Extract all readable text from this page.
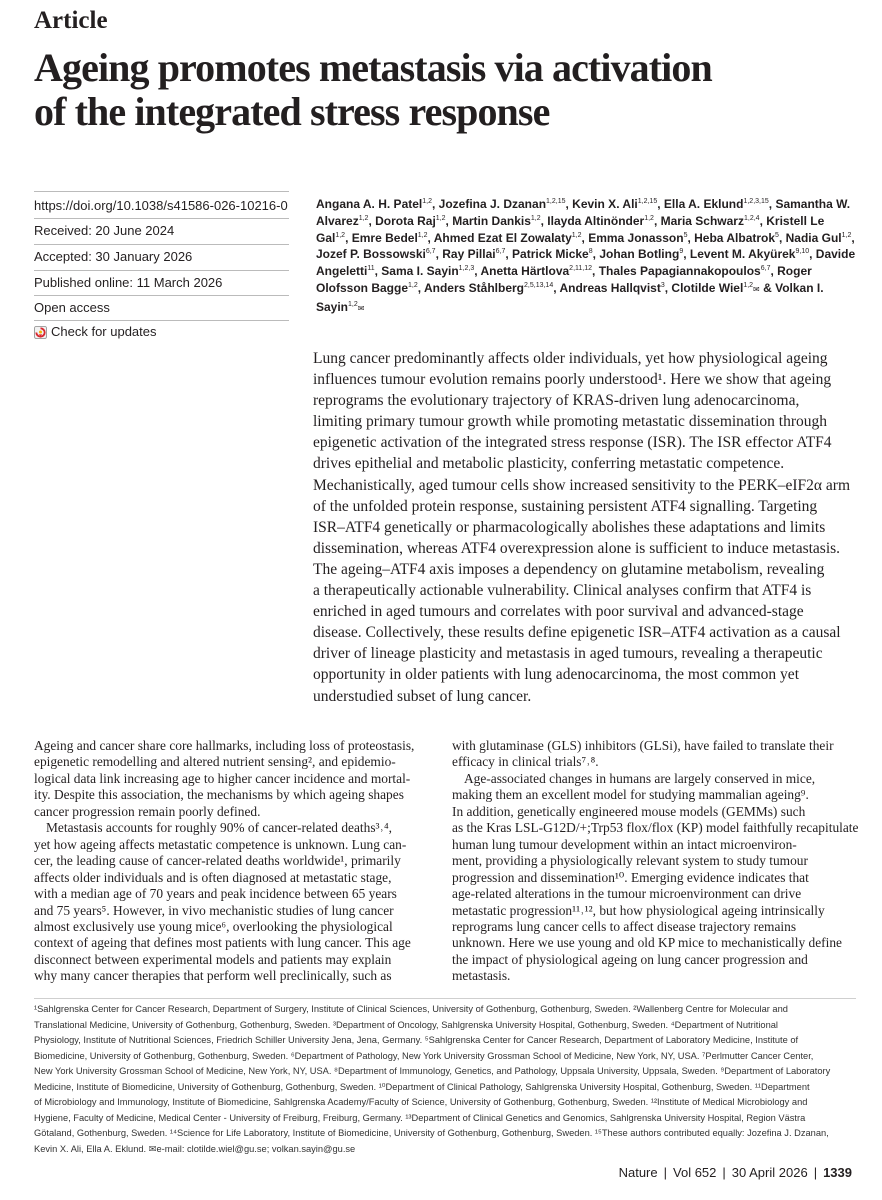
Article
Ageing promotes metastasis via activation
of the integrated stress response
https://doi.org/10.1038/s41586-026-10216-0
Received: 20 June 2024
Accepted: 30 January 2026
Published online: 11 March 2026
Open access
Check for updates

Angana A. H. Patel$^{1,2}$, Jozefina J. Dzanan$^{1,2,15}$, Kevin X. Ali$^{1,2,15}$, Ella A. Eklund$^{1,2,3,15}$, Samantha W. Alvarez$^{1,2}$, Dorota Raj$^{1,2}$, Martin Dankis$^{1,2}$, Ilayda Altinönder$^{1,2}$, Maria Schwarz$^{1,2,4}$, Kristell Le Gal$^{1,2}$, Emre Bedel$^{1,2}$, Ahmed Ezat El Zowalaty$^{1,2}$, Emma Jonasson$^5$, Heba Albatrok$^5$, Nadia Gul$^{1,2}$, Jozef P. Bossowski$^{6,7}$, Ray Pillai$^{6,7}$, Patrick Micke$^8$, Johan Botling$^9$, Levent M. Akyürek$^{9,10}$, Davide Angeletti$^{11}$, Sama I. Sayin$^{1,2,3}$, Anetta Härtlova$^{2,11,12}$, Thales Papagiannakopoulos$^{6,7}$, Roger Olofsson Bagge$^{1,2}$, Anders Ståhlberg$^{2,5,13,14}$, Andreas Hallqvist$^3$, Clotilde Wiel$^{1,2}$✉ & Volkan I. Sayin$^{1,2}$✉

Lung cancer predominantly affects older individuals, yet how physiological ageing
influences tumour evolution remains poorly understood¹. Here we show that ageing
reprograms the evolutionary trajectory of KRAS-driven lung adenocarcinoma,
limiting primary tumour growth while promoting metastatic dissemination through
epigenetic activation of the integrated stress response (ISR). The ISR effector ATF4
drives epithelial and metabolic plasticity, conferring metastatic competence.
Mechanistically, aged tumour cells show increased sensitivity to the PERK–eIF2α arm
of the unfolded protein response, sustaining persistent ATF4 signalling. Targeting
ISR–ATF4 genetically or pharmacologically abolishes these adaptations and limits
dissemination, whereas ATF4 overexpression alone is sufficient to induce metastasis.
The ageing–ATF4 axis imposes a dependency on glutamine metabolism, revealing
a therapeutically actionable vulnerability. Clinical analyses confirm that ATF4 is
enriched in aged tumours and correlates with poor survival and advanced-stage
disease. Collectively, these results define epigenetic ISR–ATF4 activation as a causal
driver of lineage plasticity and metastasis in aged tumours, revealing a therapeutic
opportunity in older patients with lung adenocarcinoma, the most common yet
understudied subset of lung cancer.

Ageing and cancer share core hallmarks, including loss of proteostasis,
epigenetic remodelling and altered nutrient sensing², and epidemio-
logical data link increasing age to higher cancer incidence and mortal-
ity. Despite this association, the mechanisms by which ageing shapes
cancer progression remain poorly defined.
Metastasis accounts for roughly 90% of cancer-related deaths³˒⁴,
yet how ageing affects metastatic competence is unknown. Lung can-
cer, the leading cause of cancer-related deaths worldwide¹, primarily
affects older individuals and is often diagnosed at metastatic stage,
with a median age of 70 years and peak incidence between 65 years
and 75 years⁵. However, in vivo mechanistic studies of lung cancer
almost exclusively use young mice⁶, overlooking the physiological
context of ageing that defines most patients with lung cancer. This age
disconnect between experimental models and patients may explain
why many cancer therapies that perform well preclinically, such as
with glutaminase (GLS) inhibitors (GLSi), have failed to translate their
efficacy in clinical trials⁷˒⁸.
Age-associated changes in humans are largely conserved in mice,
making them an excellent model for studying mammalian ageing⁹.
In addition, genetically engineered mouse models (GEMMs) such
as the Kras LSL-G12D/+;Trp53 flox/flox (KP) model faithfully recapitulate
human lung tumour development within an intact microenviron-
ment, providing a physiologically relevant system to study tumour
progression and dissemination¹⁰. Emerging evidence indicates that
age-related alterations in the tumour microenvironment can drive
metastatic progression¹¹˒¹², but how physiological ageing intrinsically
reprograms lung cancer cells to affect disease trajectory remains
unknown. Here we use young and old KP mice to mechanistically define
the impact of physiological ageing on lung cancer progression and
metastasis.

¹Sahlgrenska Center for Cancer Research, Department of Surgery, Institute of Clinical Sciences, University of Gothenburg, Gothenburg, Sweden. ²Wallenberg Centre for Molecular and
Translational Medicine, University of Gothenburg, Gothenburg, Sweden. ³Department of Oncology, Sahlgrenska University Hospital, Gothenburg, Sweden. ⁴Department of Nutritional
Physiology, Institute of Nutritional Sciences, Friedrich Schiller University Jena, Jena, Germany. ⁵Sahlgrenska Center for Cancer Research, Department of Laboratory Medicine, Institute of
Biomedicine, University of Gothenburg, Gothenburg, Sweden. ⁶Department of Pathology, New York University Grossman School of Medicine, New York, NY, USA. ⁷Perlmutter Cancer Center,
New York University Grossman School of Medicine, New York, NY, USA. ⁸Department of Immunology, Genetics, and Pathology, Uppsala University, Uppsala, Sweden. ⁹Department of Laboratory
Medicine, Institute of Biomedicine, University of Gothenburg, Gothenburg, Sweden. ¹⁰Department of Clinical Pathology, Sahlgrenska University Hospital, Gothenburg, Sweden. ¹¹Department
of Microbiology and Immunology, Institute of Biomedicine, Sahlgrenska Academy/Faculty of Science, University of Gothenburg, Gothenburg, Sweden. ¹²Institute of Medical Microbiology and
Hygiene, Faculty of Medicine, Medical Center - University of Freiburg, Freiburg, Germany. ¹³Department of Clinical Genetics and Genomics, Sahlgrenska University Hospital, Region Västra
Götaland, Gothenburg, Sweden. ¹⁴Science for Life Laboratory, Institute of Biomedicine, University of Gothenburg, Gothenburg, Sweden. ¹⁵These authors contributed equally: Jozefina J. Dzanan,
Kevin X. Ali, Ella A. Eklund. ✉e-mail: clotilde.wiel@gu.se; volkan.sayin@gu.se

Nature | Vol 652 | 30 April 2026 | 1339
